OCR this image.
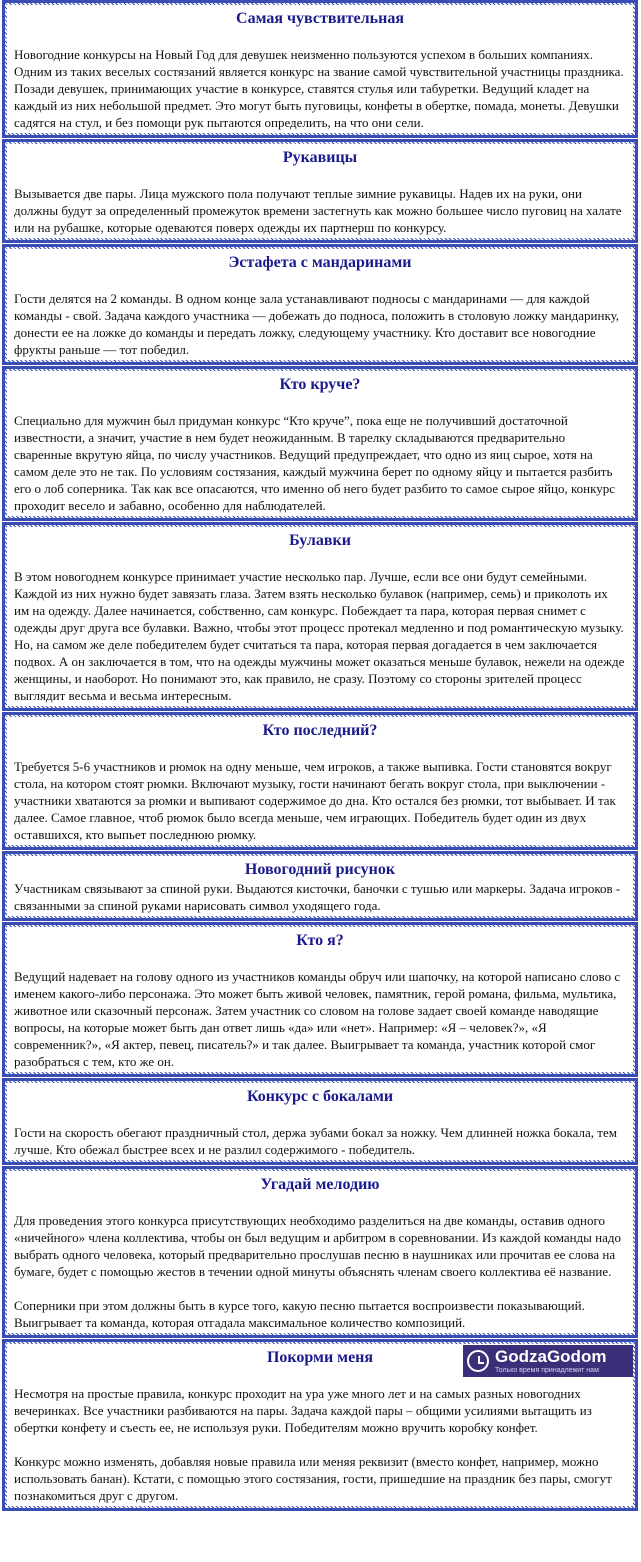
Самая чувствительная

Новогодние конкурсы на Новый Год для девушек неизменно пользуются успехом в больших компаниях. Одним из таких веселых состязаний является конкурс на звание самой чувствительной участницы праздника. Позади девушек, принимающих участие в конкурсе, ставятся стулья или табуретки. Ведущий кладет на каждый из них небольшой предмет. Это могут быть пуговицы, конфеты в обертке, помада, монеты. Девушки садятся на стул, и без помощи рук пытаются определить, на что они сели.

Рукавицы

Вызывается две пары. Лица мужского пола получают теплые зимние рукавицы. Надев их на руки, они должны будут за определенный промежуток времени застегнуть как можно большее число пуговиц на халате или на рубашке, которые одеваются поверх одежды их партнерш по конкурсу.

Эстафета с мандаринами

Гости делятся на 2 команды. В одном конце зала устанавливают подносы с мандаринами — для каждой команды - свой. Задача каждого участника — добежать до подноса, положить в столовую ложку мандаринку, донести ее на ложке до команды и передать ложку, следующему участнику. Кто доставит все новогодние фрукты раньше — тот победил.

Кто круче?

Специально для мужчин был придуман конкурс “Кто круче”, пока еще не получивший достаточной известности, а значит, участие в нем будет неожиданным. В тарелку складываются предварительно сваренные вкрутую яйца, по числу участников. Ведущий предупреждает, что одно из яиц сырое, хотя на самом деле это не так. По условиям состязания, каждый мужчина берет по одному яйцу и пытается разбить его о лоб соперника. Так как все опасаются, что именно об него будет разбито то самое сырое яйцо, конкурс проходит весело и забавно, особенно для наблюдателей.

Булавки

В этом новогоднем конкурсе принимает участие несколько пар. Лучше, если все они будут семейными. Каждой из них нужно будет завязать глаза. Затем взять несколько булавок (например, семь) и приколоть их им на одежду. Далее начинается, собственно, сам конкурс. Побеждает та пара, которая первая снимет с одежды друг друга все булавки. Важно, чтобы этот процесс протекал медленно и под романтическую музыку. Но, на самом же деле победителем будет считаться та пара, которая первая догадается в чем заключается подвох. А он заключается в том, что на одежды мужчины может оказаться меньше булавок, нежели на одежде женщины, и наоборот. Но понимают это, как правило, не сразу. Поэтому со стороны зрителей процесс выглядит весьма и весьма интересным.

Кто последний?

Требуется 5-6 участников и рюмок на одну меньше, чем игроков, а также выпивка. Гости становятся вокруг стола, на котором стоят рюмки. Включают музыку, гости начинают бегать вокруг стола, при выключении - участники хватаются за рюмки и выпивают содержимое до дна. Кто остался без рюмки, тот выбывает. И так далее. Самое главное, чтоб рюмок было всегда меньше, чем играющих. Победитель будет один из двух оставшихся, кто выпьет последнюю рюмку.

Новогодний рисунок

Участникам связывают за спиной руки. Выдаются кисточки, баночки с тушью или маркеры. Задача игроков - связанными за спиной руками нарисовать символ уходящего года.

Кто я?

Ведущий надевает на голову одного из участников команды обруч или шапочку, на которой написано слово с именем какого-либо персонажа. Это может быть живой человек, памятник, герой романа, фильма, мультика, животное или сказочный персонаж. Затем участник со словом на голове задает своей команде наводящие вопросы, на которые может быть дан ответ лишь «да» или «нет». Например: «Я – человек?», «Я современник?», «Я актер, певец, писатель?» и так далее. Выигрывает та команда, участник которой смог разобраться с тем, кто же он.

Конкурс с бокалами

Гости на скорость обегают праздничный стол, держа зубами бокал за ножку. Чем длинней ножка бокала, тем лучше. Кто обежал быстрее всех и не разлил содержимого - победитель.

Угадай мелодию

Для проведения этого конкурса присутствующих необходимо разделиться на две команды, оставив одного «ничейного» члена коллектива, чтобы он был ведущим и арбитром в соревновании. Из каждой команды надо выбрать одного человека, который предварительно прослушав песню в наушниках или прочитав ее слова на бумаге, будет с помощью жестов в течении одной минуты объяснять членам своего коллектива её название.

Соперники при этом должны быть в курсе того, какую песню пытается воспроизвести показывающий. Выигрывает та команда, которая отгадала максимальное количество композиций.

Покорми меня

Несмотря на простые правила, конкурс проходит на ура уже много лет и на самых разных новогодних вечеринках. Все участники разбиваются на пары. Задача каждой пары – общими усилиями вытащить из обертки конфету и съесть ее, не используя руки. Победителям можно вручить коробку конфет.

Конкурс можно изменять, добавляя новые правила или меняя реквизит (вместо конфет, например, можно использовать банан). Кстати, с помощью этого состязания, гости, пришедшие на праздник без пары, смогут познакомиться друг с другом.

GodzaGodom
Только время принадлежит нам
